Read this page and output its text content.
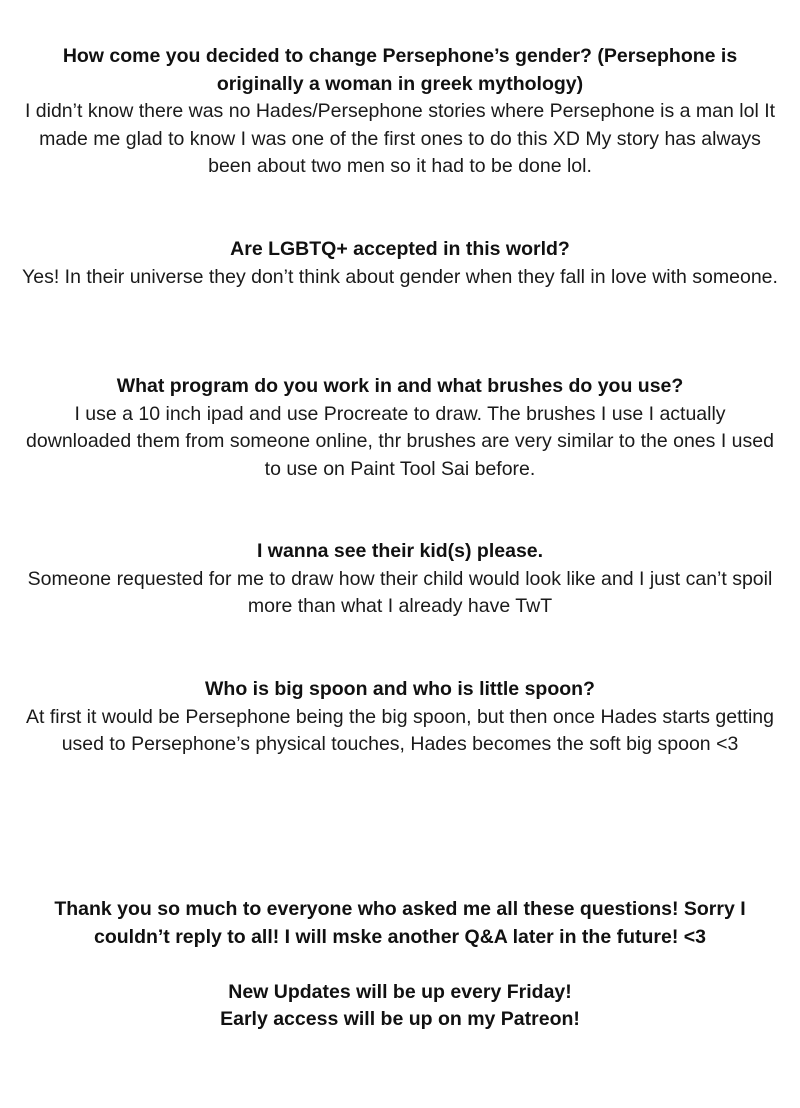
How come you decided to change Persephone’s gender? (Persephone is originally a woman in greek mythology)

I didn’t know there was no Hades/Persephone stories where Persephone is a man lol It made me glad to know I was one of the first ones to do this XD My story has always been about two men so it had to be done lol.

Are LGBTQ+ accepted in this world?

Yes! In their universe they don’t think about gender when they fall in love with someone.

What program do you work in and what brushes do you use?

I use a 10 inch ipad and use Procreate to draw. The brushes I use I actually downloaded them from someone online, thr brushes are very similar to the ones I used to use on Paint Tool Sai before.

I wanna see their kid(s) please.

Someone requested for me to draw how their child would look like and I just can’t spoil more than what I already have TwT

Who is big spoon and who is little spoon?

At first it would be Persephone being the big spoon, but then once Hades starts getting used to Persephone’s physical touches, Hades becomes the soft big spoon <3

Thank you so much to everyone who asked me all these questions! Sorry I couldn’t reply to all! I will mske another Q&A later in the future! <3

New Updates will be up every Friday!

Early access will be up on my Patreon!
